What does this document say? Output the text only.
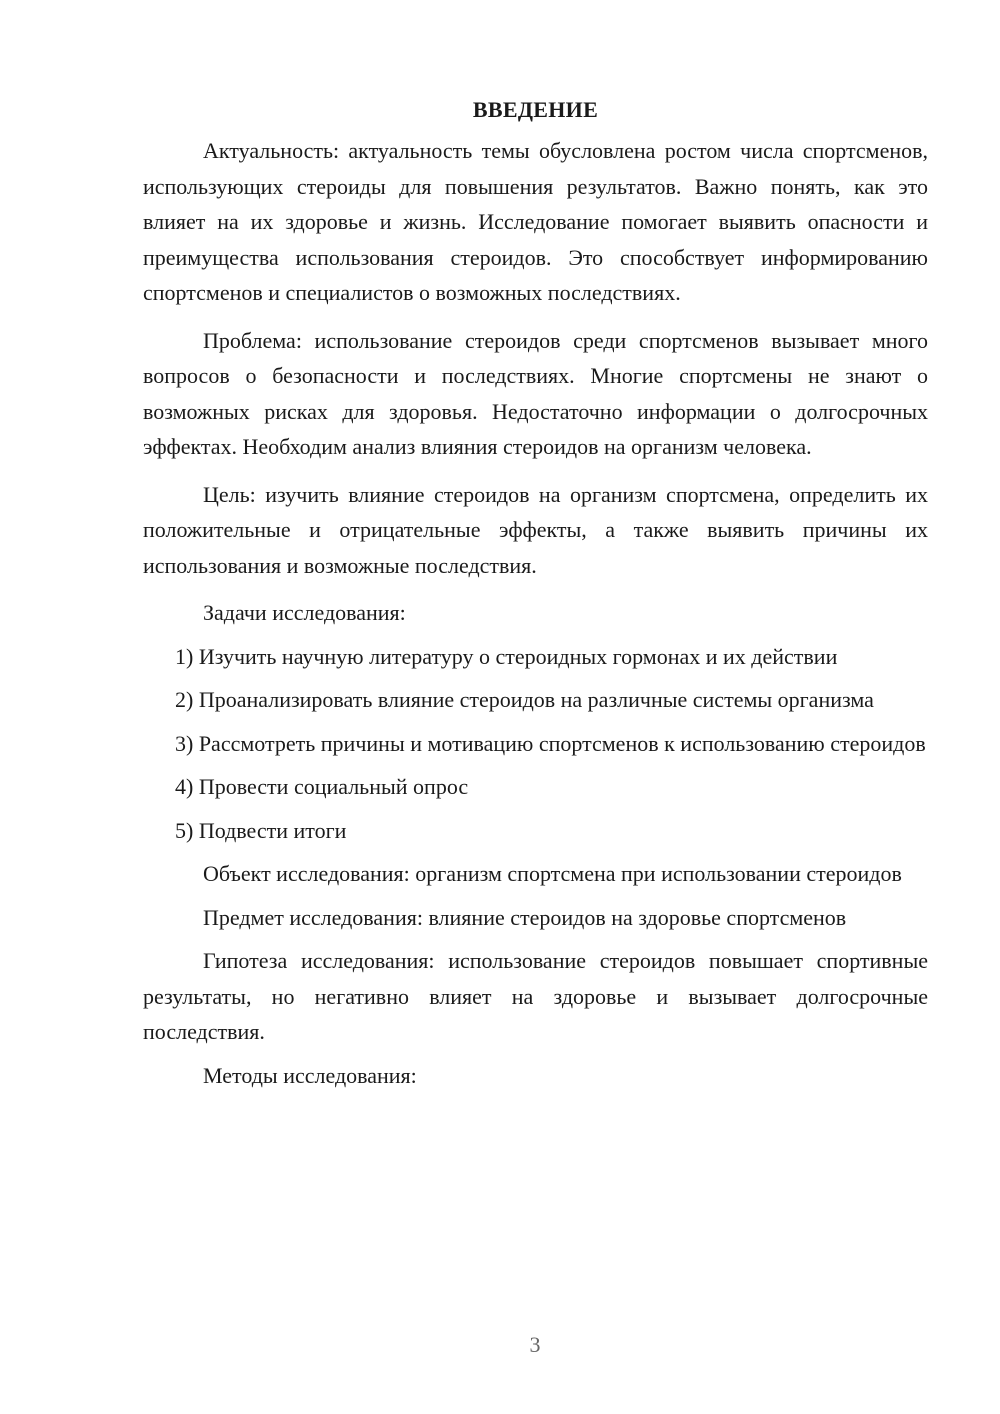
ВВЕДЕНИЕ

Актуальность: актуальность темы обусловлена ростом числа спортсменов, использующих стероиды для повышения результатов. Важно понять, как это влияет на их здоровье и жизнь. Исследование помогает выявить опасности и преимущества использования стероидов. Это способствует информированию спортсменов и специалистов о возможных последствиях.

Проблема: использование стероидов среди спортсменов вызывает много вопросов о безопасности и последствиях. Многие спортсмены не знают о возможных рисках для здоровья. Недостаточно информации о долгосрочных эффектах. Необходим анализ влияния стероидов на организм человека.

Цель: изучить влияние стероидов на организм спортсмена, определить их положительные и отрицательные эффекты, а также выявить причины их использования и возможные последствия.

Задачи исследования:

1) Изучить научную литературу о стероидных гормонах и их действии

2) Проанализировать влияние стероидов на различные системы организма

3) Рассмотреть причины и мотивацию спортсменов к использованию стероидов

4) Провести социальный опрос

5) Подвести итоги

Объект исследования: организм спортсмена при использовании стероидов

Предмет исследования: влияние стероидов на здоровье спортсменов

Гипотеза исследования: использование стероидов повышает спортивные результаты, но негативно влияет на здоровье и вызывает долгосрочные последствия.

Методы исследования:

3
